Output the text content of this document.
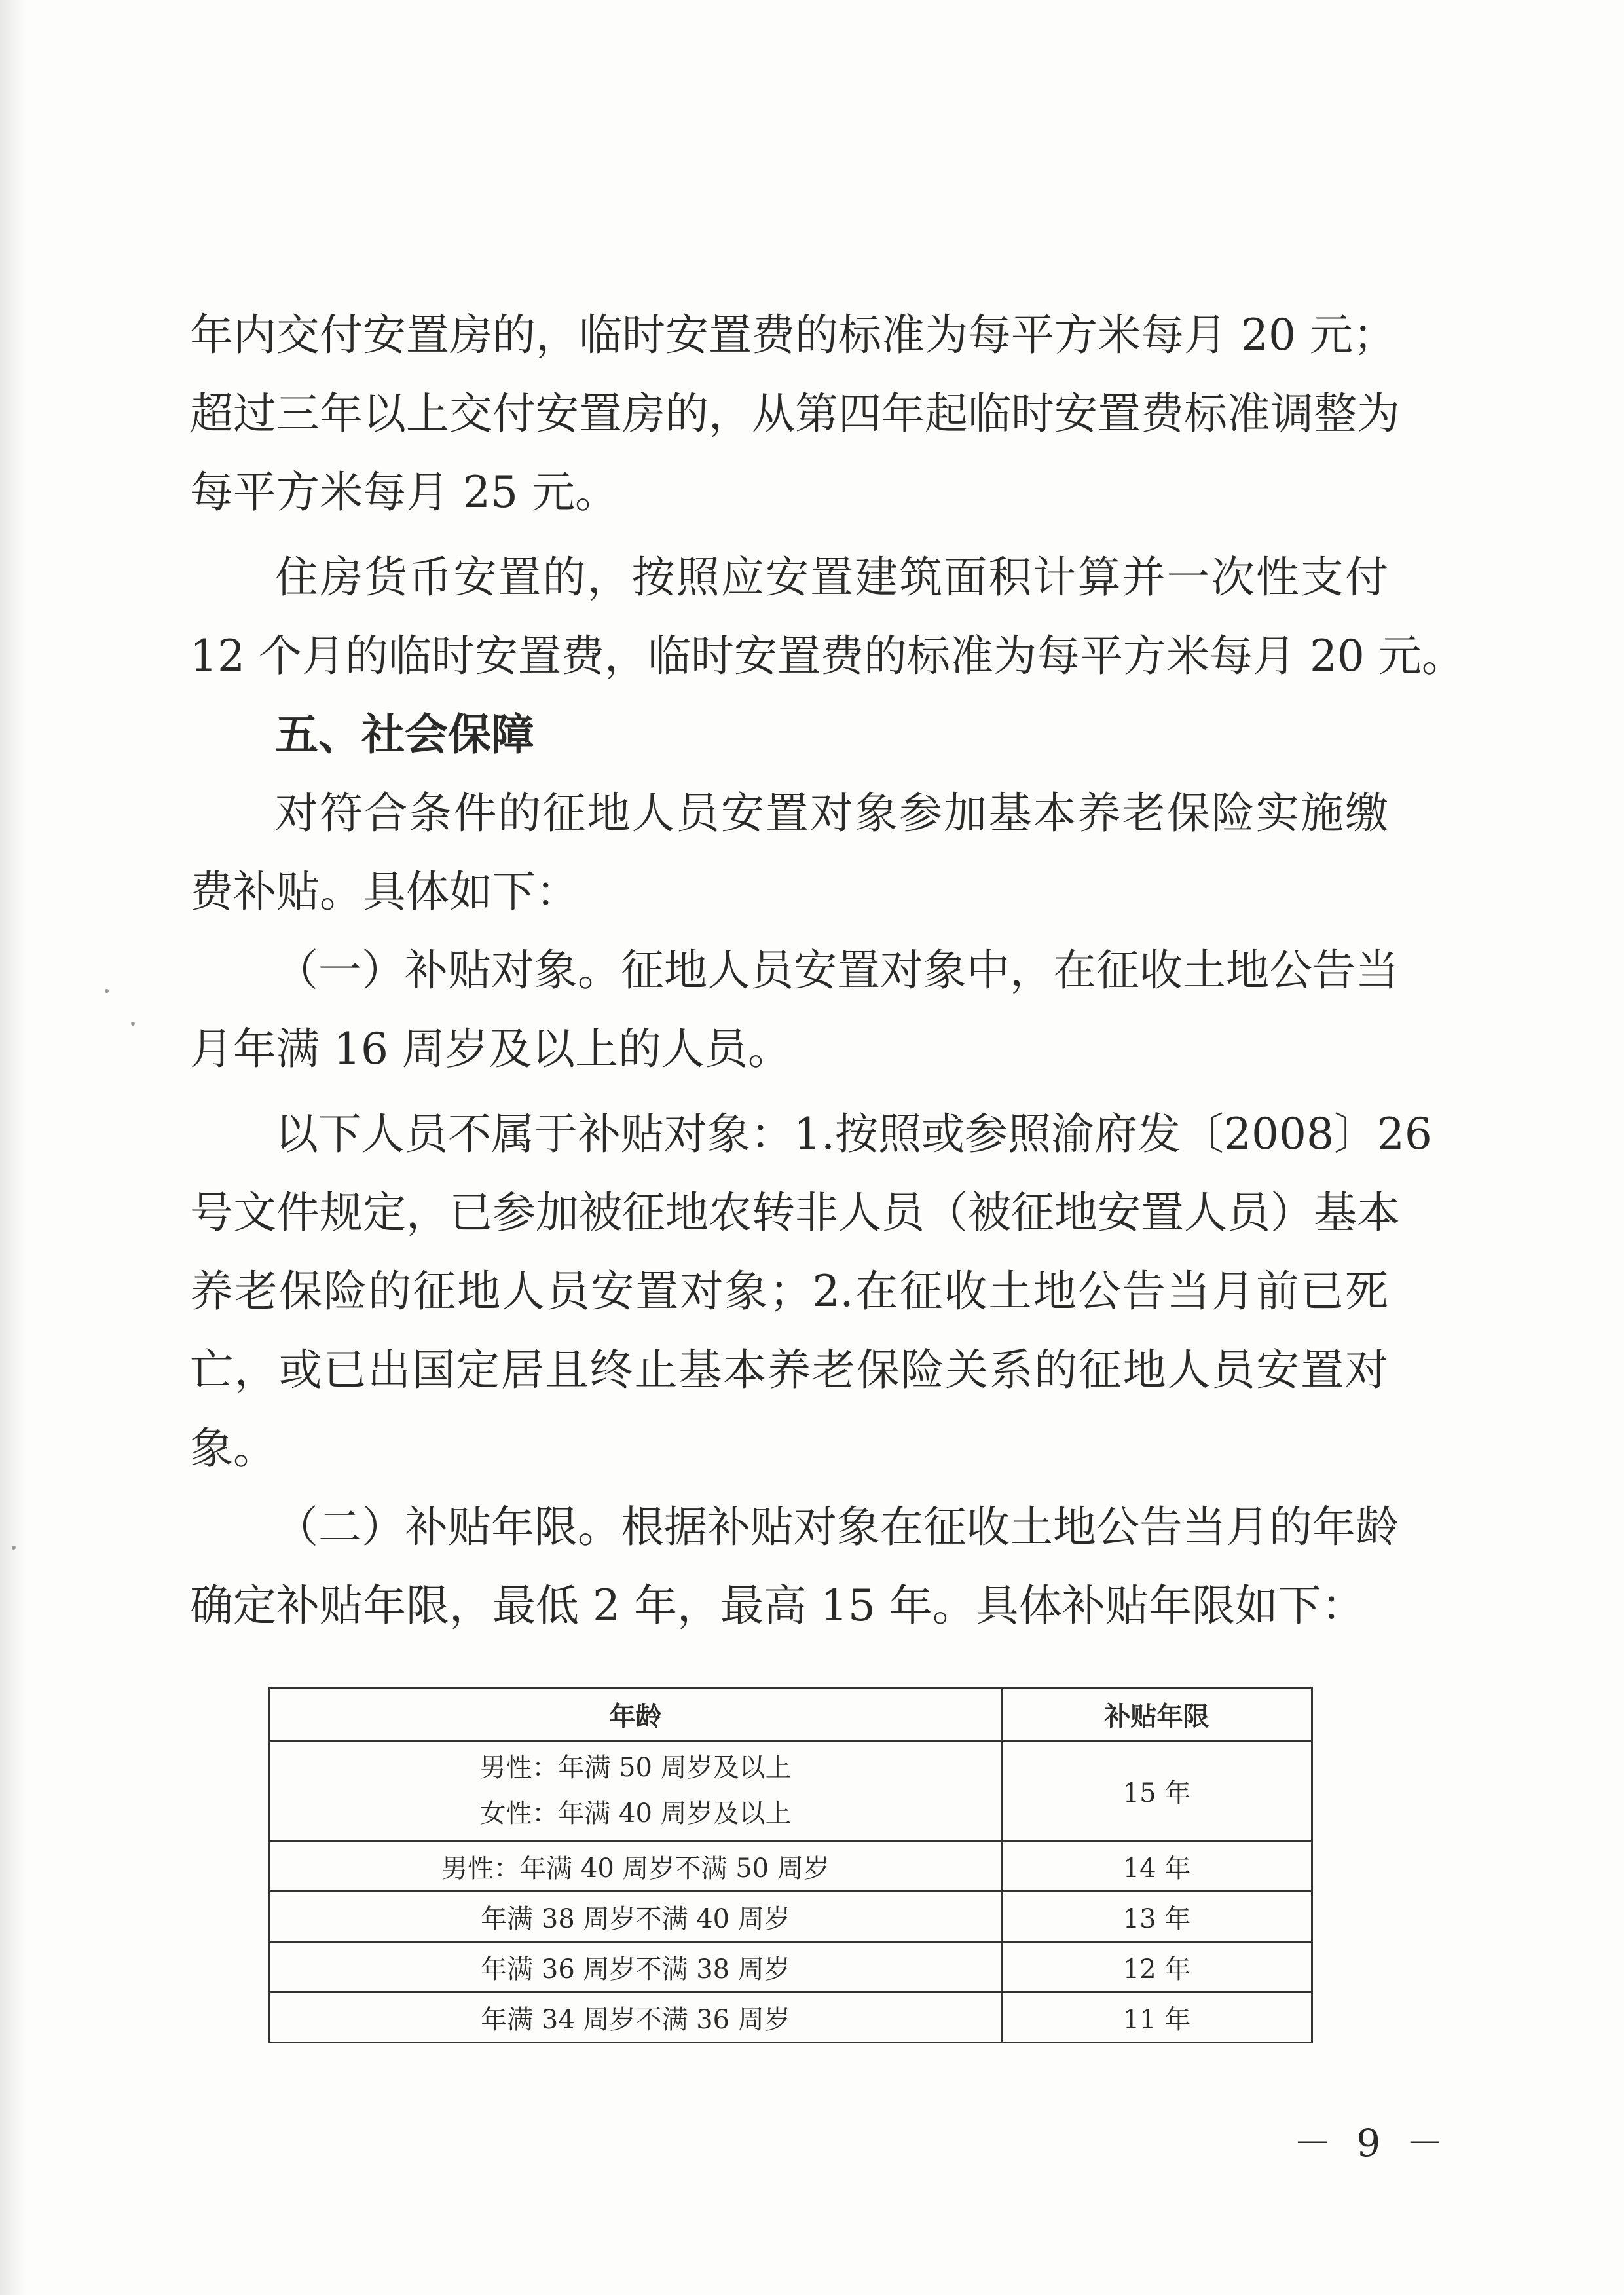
年内交付安置房的，临时安置费的标准为每平方米每月 20 元；
超过三年以上交付安置房的，从第四年起临时安置费标准调整为
每平方米每月 25 元。
住房货币安置的，按照应安置建筑面积计算并一次性支付
12 个月的临时安置费，临时安置费的标准为每平方米每月 20 元。
五、社会保障
对符合条件的征地人员安置对象参加基本养老保险实施缴
费补贴。具体如下：
（一）补贴对象。征地人员安置对象中，在征收土地公告当
月年满 16 周岁及以上的人员。
以下人员不属于补贴对象：1.按照或参照渝府发〔2008〕26
号文件规定，已参加被征地农转非人员（被征地安置人员）基本
养老保险的征地人员安置对象；2.在征收土地公告当月前已死
亡，或已出国定居且终止基本养老保险关系的征地人员安置对
象。
（二）补贴年限。根据补贴对象在征收土地公告当月的年龄
确定补贴年限，最低 2 年，最高 15 年。具体补贴年限如下：
年龄	补贴年限

男性：年满 50 周岁及以上
女性：年满 40 周岁及以上	15 年
男性：年满 40 周岁不满 50 周岁	14 年
年满 38 周岁不满 40 周岁	13 年
年满 36 周岁不满 38 周岁	12 年
年满 34 周岁不满 36 周岁	11 年
－ 9 －
